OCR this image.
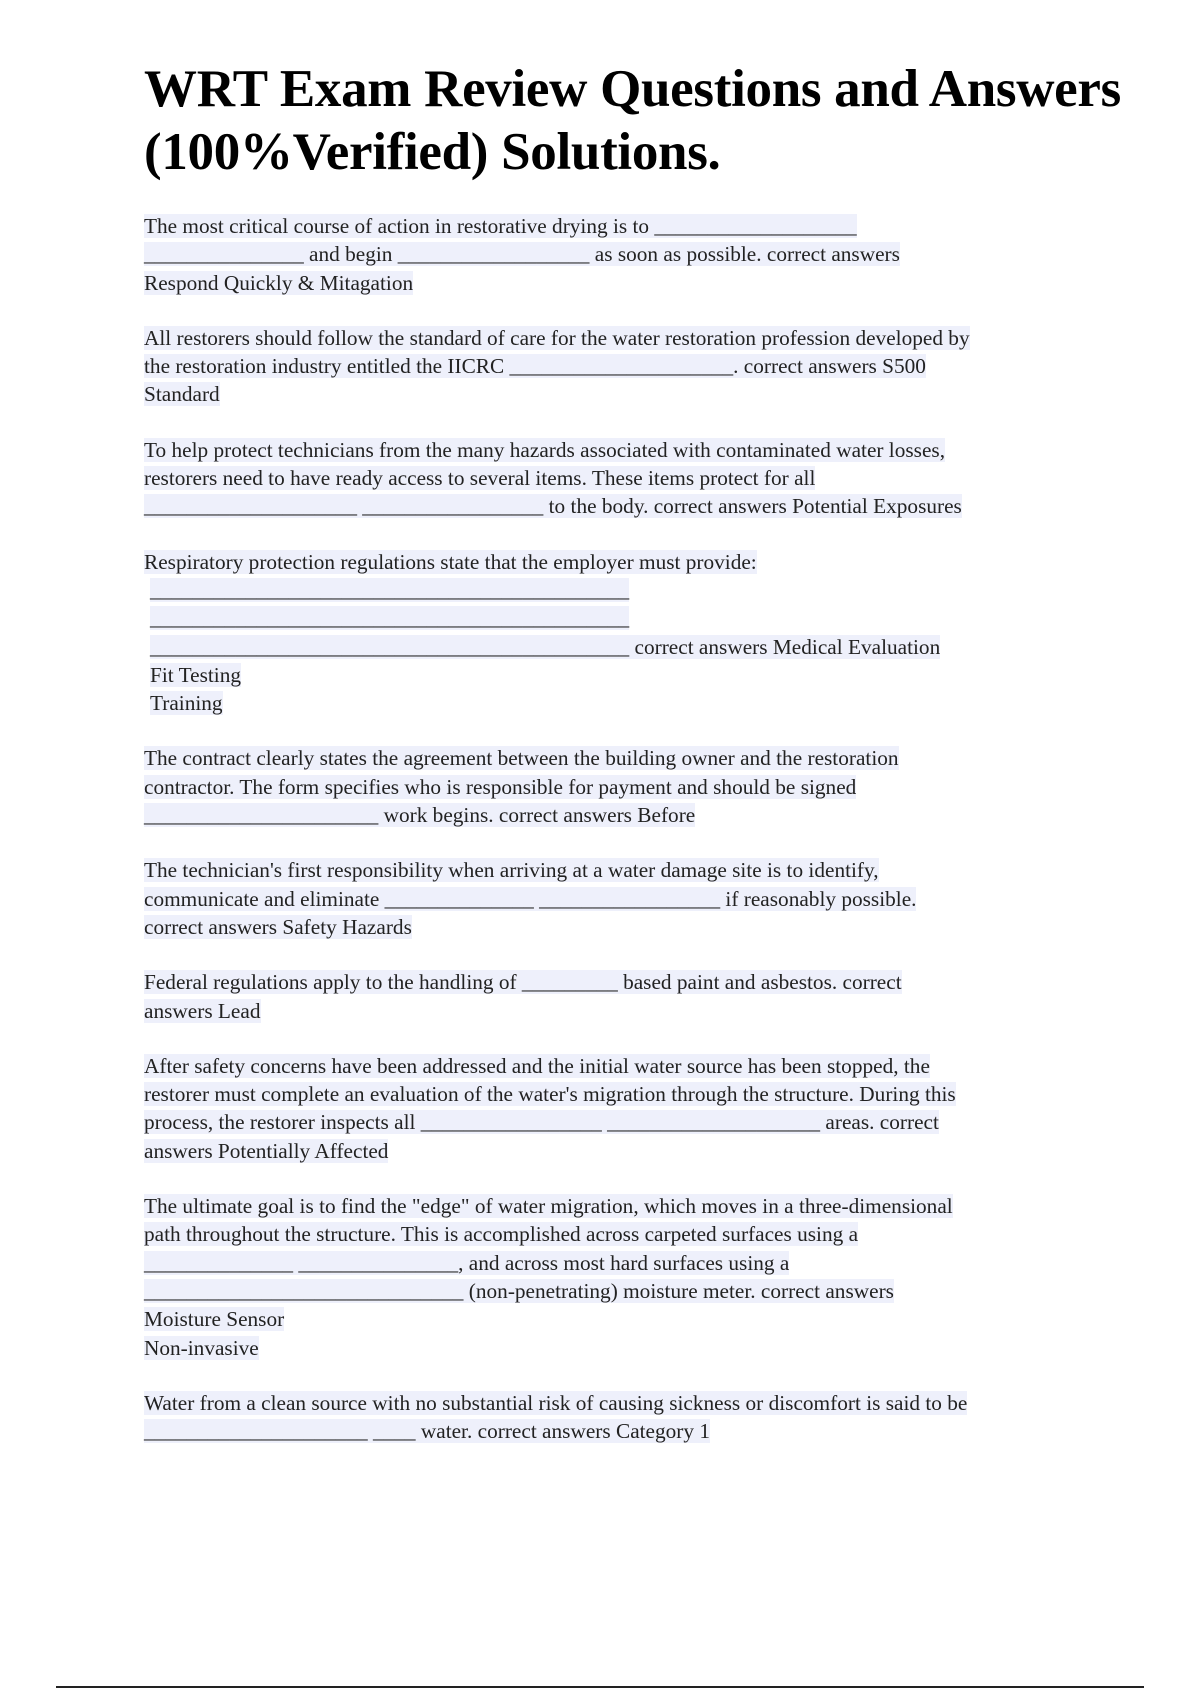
WRT Exam Review Questions and Answers
(100%Verified) Solutions.
The most critical course of action in restorative drying is to ___________________
_______________ and begin __________________ as soon as possible. correct answers
Respond Quickly & Mitagation
All restorers should follow the standard of care for the water restoration profession developed by
the restoration industry entitled the IICRC _____________________. correct answers S500
Standard
To help protect technicians from the many hazards associated with contaminated water losses,
restorers need to have ready access to several items. These items protect for all
____________________ _________________ to the body. correct answers Potential Exposures
Respiratory protection regulations state that the employer must provide:
_____________________________________________
_____________________________________________
_____________________________________________ correct answers Medical Evaluation
Fit Testing
Training
The contract clearly states the agreement between the building owner and the restoration
contractor. The form specifies who is responsible for payment and should be signed
______________________ work begins. correct answers Before
The technician's first responsibility when arriving at a water damage site is to identify,
communicate and eliminate ______________ _________________ if reasonably possible.
correct answers Safety Hazards
Federal regulations apply to the handling of _________ based paint and asbestos. correct
answers Lead
After safety concerns have been addressed and the initial water source has been stopped, the
restorer must complete an evaluation of the water's migration through the structure. During this
process, the restorer inspects all _________________ ____________________ areas. correct
answers Potentially Affected
The ultimate goal is to find the "edge" of water migration, which moves in a three-dimensional
path throughout the structure. This is accomplished across carpeted surfaces using a
______________ _______________, and across most hard surfaces using a
______________________________ (non-penetrating) moisture meter. correct answers
Moisture Sensor
Non-invasive
Water from a clean source with no substantial risk of causing sickness or discomfort is said to be
_____________________ ____ water. correct answers Category 1
